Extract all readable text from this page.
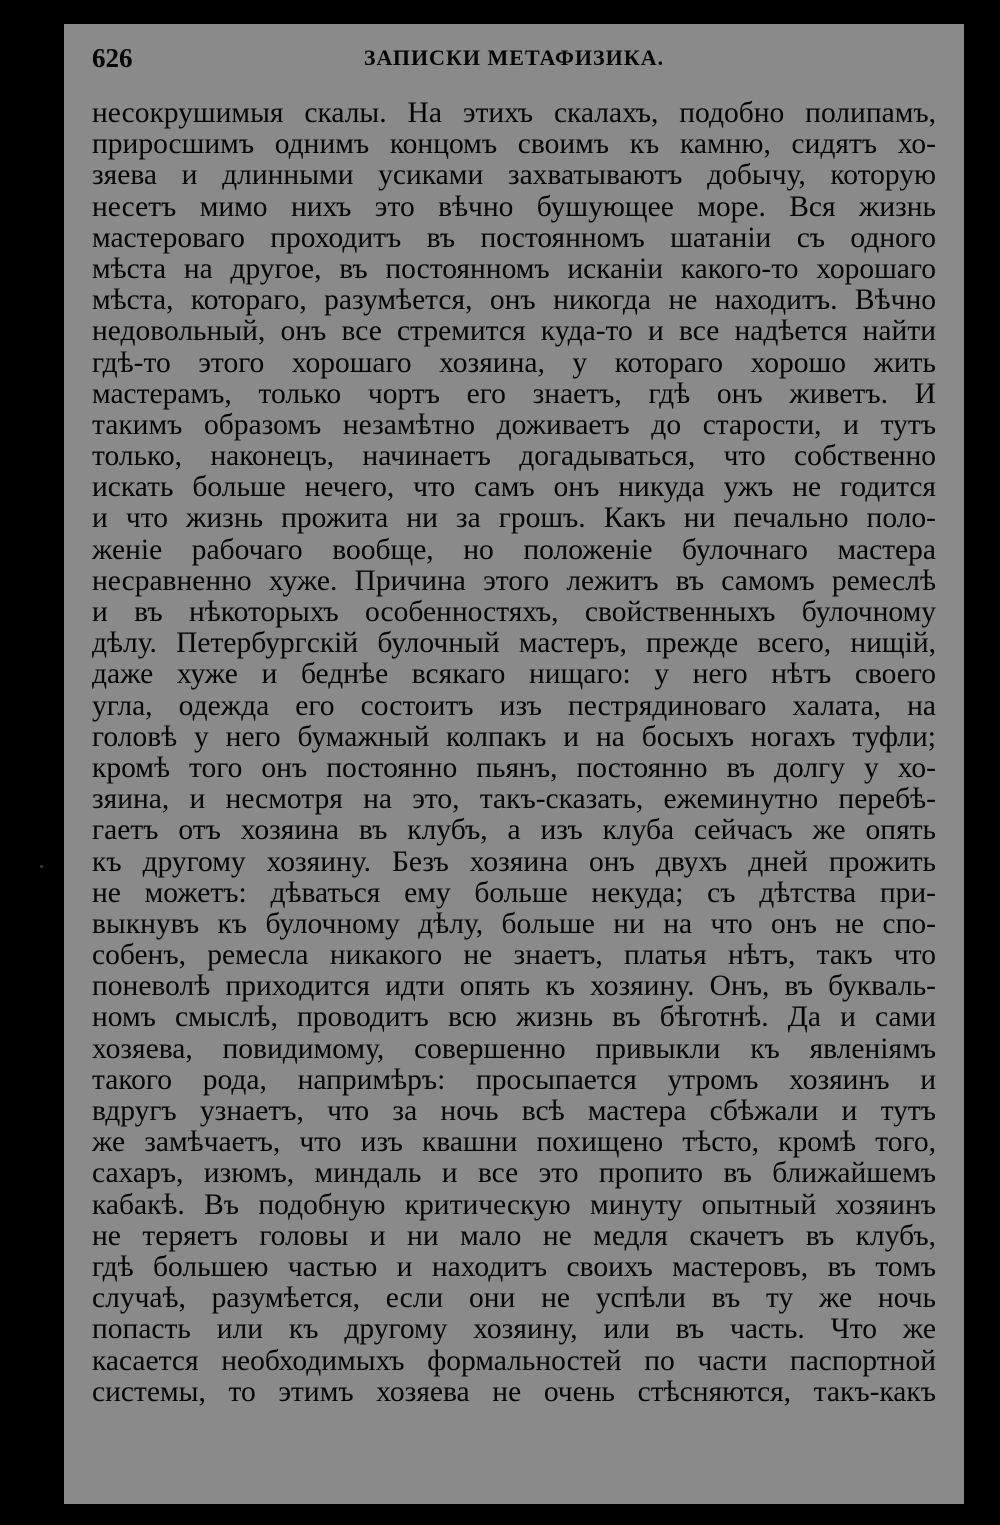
626	ЗАПИСКИ МЕТАФИЗИКА.
несокрушимыя скалы. На этихъ скалахъ, подобно полипамъ,
приросшимъ однимъ концомъ своимъ къ камню, сидятъ хо-
зяева и длинными усиками захватываютъ добычу, которую
несетъ мимо нихъ это вѣчно бушующее море. Вся жизнь
мастероваго проходитъ въ постоянномъ шатаніи съ одного
мѣста на другое, въ постоянномъ исканіи какого-то хорошаго
мѣста, котораго, разумѣется, онъ никогда не находитъ. Вѣчно
недовольный, онъ все стремится куда-то и все надѣется найти
гдѣ-то этого хорошаго хозяина, у котораго хорошо жить
мастерамъ, только чортъ его знаетъ, гдѣ онъ живетъ. И
такимъ образомъ незамѣтно доживаетъ до старости, и тутъ
только, наконецъ, начинаетъ догадываться, что собственно
искать больше нечего, что самъ онъ никуда ужъ не годится
и что жизнь прожита ни за грошъ. Какъ ни печально поло-
женіе рабочаго вообще, но положеніе булочнаго мастера
несравненно хуже. Причина этого лежитъ въ самомъ ремеслѣ
и въ нѣкоторыхъ особенностяхъ, свойственныхъ булочному
дѣлу. Петербургскій булочный мастеръ, прежде всего, нищій,
даже хуже и беднѣе всякаго нищаго: у него нѣтъ своего
угла, одежда его состоитъ изъ пестрядиноваго халата, на
головѣ у него бумажный колпакъ и на босыхъ ногахъ туфли;
кромѣ того онъ постоянно пьянъ, постоянно въ долгу у хо-
зяина, и несмотря на это, такъ-сказать, ежеминутно перебѣ-
гаетъ отъ хозяина въ клубъ, а изъ клуба сейчасъ же опять
къ другому хозяину. Безъ хозяина онъ двухъ дней прожить
не можетъ: дѣваться ему больше некуда; съ дѣтства при-
выкнувъ къ булочному дѣлу, больше ни на что онъ не спо-
собенъ, ремесла никакого не знаетъ, платья нѣтъ, такъ что
поневолѣ приходится идти опять къ хозяину. Онъ, въ букваль-
номъ смыслѣ, проводитъ всю жизнь въ бѣготнѣ. Да и сами
хозяева, повидимому, совершенно привыкли къ явленіямъ
такого рода, напримѣръ: просыпается утромъ хозяинъ и
вдругъ узнаетъ, что за ночь всѣ мастера сбѣжали и тутъ
же замѣчаетъ, что изъ квашни похищено тѣсто, кромѣ того,
сахаръ, изюмъ, миндаль и все это пропито въ ближайшемъ
кабакѣ. Въ подобную критическую минуту опытный хозяинъ
не теряетъ головы и ни мало не медля скачетъ въ клубъ,
гдѣ большею частью и находитъ своихъ мастеровъ, въ томъ
случаѣ, разумѣется, если они не успѣли въ ту же ночь
попасть или къ другому хозяину, или въ часть. Что же
касается необходимыхъ формальностей по части паспортной
системы, то этимъ хозяева не очень стѣсняются, такъ-какъ
